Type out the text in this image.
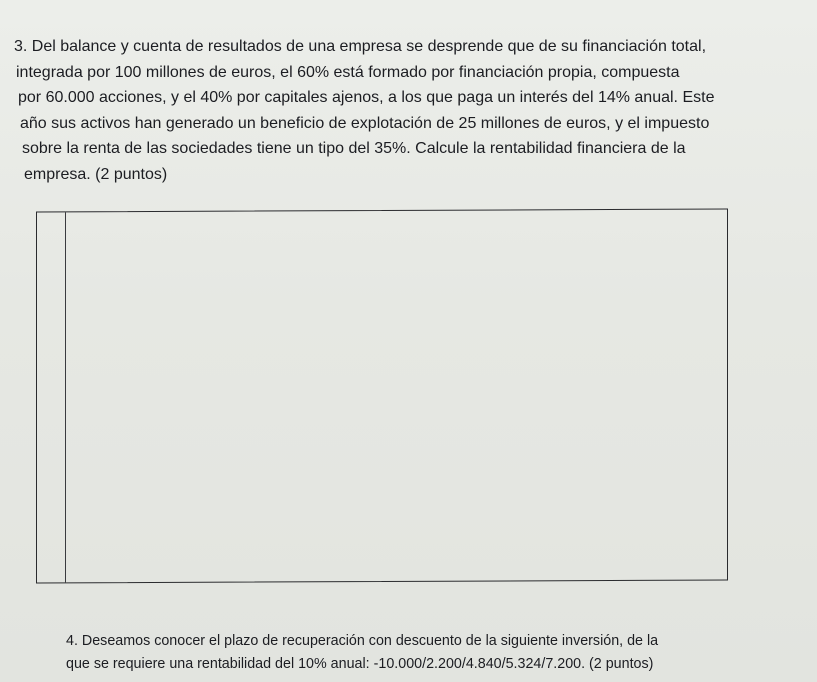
3. Del balance y cuenta de resultados de una empresa se desprende que de su financiación total,
integrada por 100 millones de euros, el 60% está formado por financiación propia, compuesta
por 60.000 acciones, y el 40% por capitales ajenos, a los que paga un interés del 14% anual. Este
año sus activos han generado un beneficio de explotación de 25 millones de euros, y el impuesto
sobre la renta de las sociedades tiene un tipo del 35%. Calcule la rentabilidad financiera de la
empresa. (2 puntos)
4. Deseamos conocer el plazo de recuperación con descuento de la siguiente inversión, de la
que se requiere una rentabilidad del 10% anual: -10.000/2.200/4.840/5.324/7.200. (2 puntos)
